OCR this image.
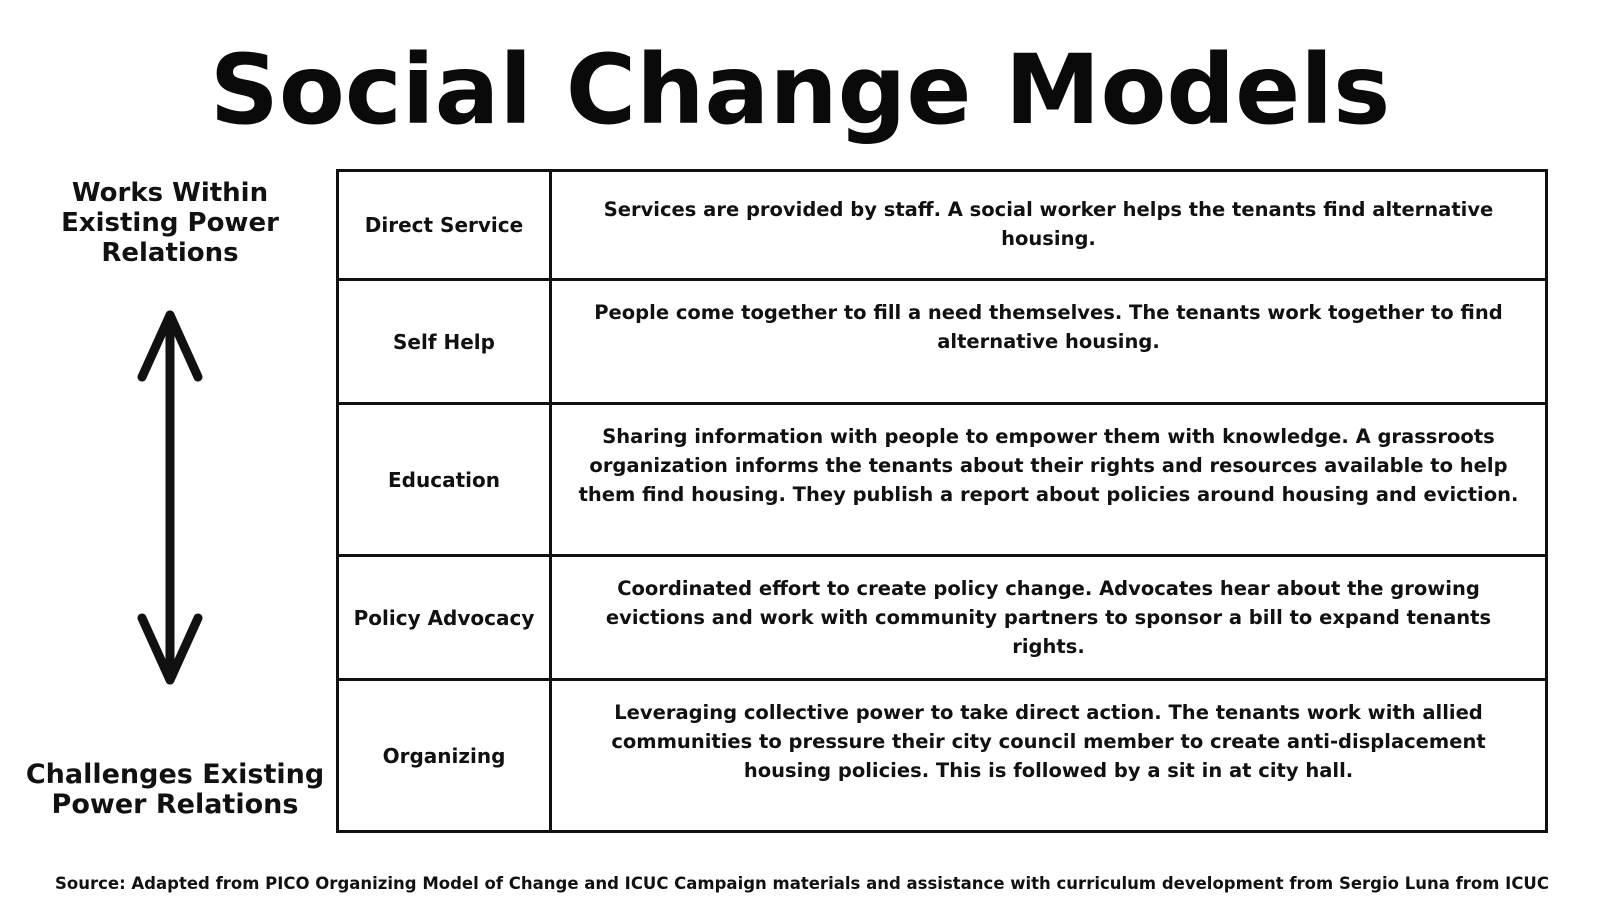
Social Change Models
Works Within Existing Power Relations
Challenges Existing Power Relations
Direct Service
Services are provided by staff. A social worker helps the tenants find alternative housing.
Self Help
People come together to fill a need themselves. The tenants work together to find alternative housing.
Education
Sharing information with people to empower them with knowledge. A grassroots organization informs the tenants about their rights and resources available to help them find housing. They publish a report about policies around housing and eviction.
Policy Advocacy
Coordinated effort to create policy change. Advocates hear about the growing evictions and work with community partners to sponsor a bill to expand tenants rights.
Organizing
Leveraging collective power to take direct action. The tenants work with allied communities to pressure their city council member to create anti-displacement housing policies. This is followed by a sit in at city hall.
Source: Adapted from PICO Organizing Model of Change and ICUC Campaign materials and assistance with curriculum development from Sergio Luna from ICUC
